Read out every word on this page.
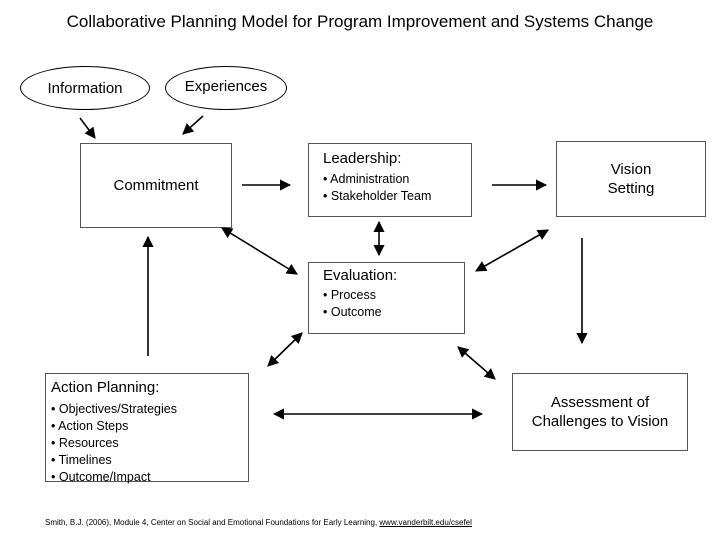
Collaborative Planning Model for Program Improvement and Systems Change
Information	Experiences
Commitment
Leadership:
• Administration
• Stakeholder Team
Vision
Setting
Evaluation:
• Process
• Outcome
Action Planning:
• Objectives/Strategies
• Action Steps
• Resources
• Timelines
• Outcome/Impact
Assessment of
Challenges to Vision
Smith, B.J. (2006), Module 4, Center on Social and Emotional Foundations for Early Learning, www.vanderbilt.edu/csefel
